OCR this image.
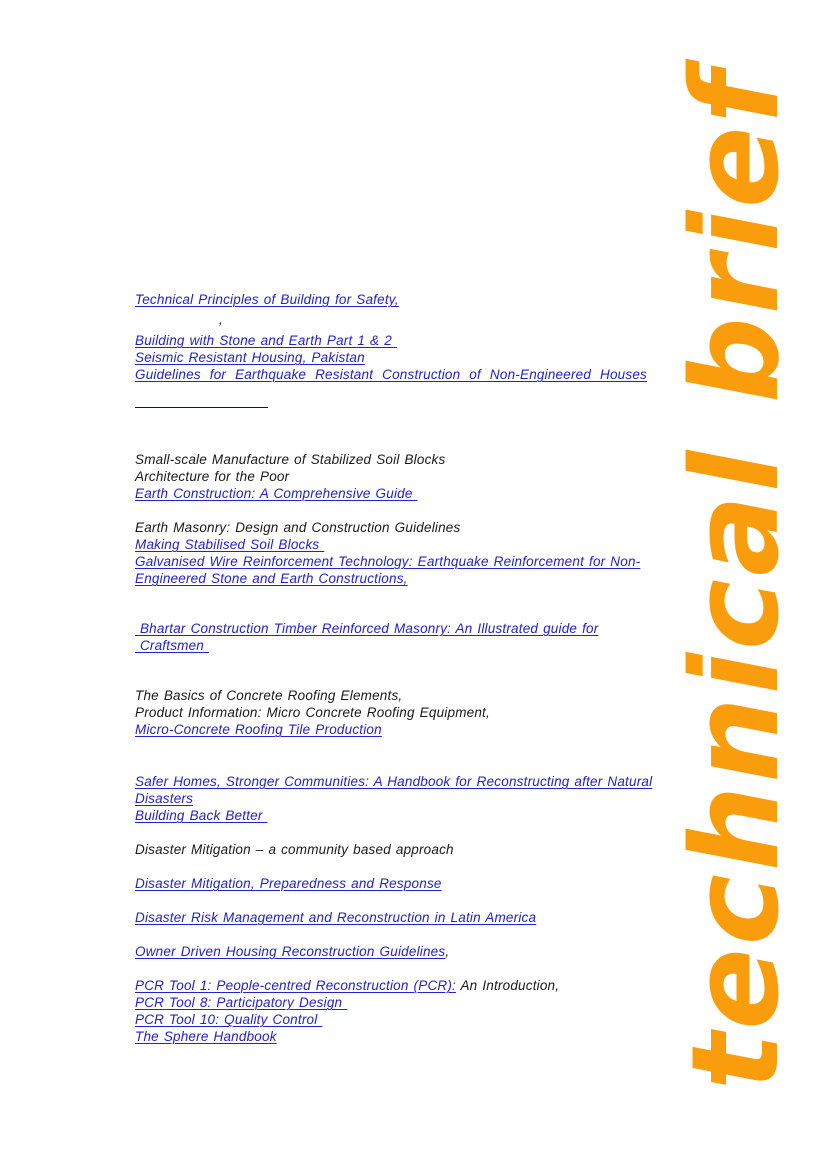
Technical Principles of Building for Safety,
,
Building with Stone and Earth Part 1 & 2
Seismic Resistant Housing, Pakistan
Guidelines for Earthquake Resistant Construction of Non-Engineered Houses
Small-scale Manufacture of Stabilized Soil Blocks
Architecture for the Poor
Earth Construction: A Comprehensive Guide
Earth Masonry: Design and Construction Guidelines
Making Stabilised Soil Blocks
Galvanised Wire Reinforcement Technology: Earthquake Reinforcement for Non-
Engineered Stone and Earth Constructions,
Bhartar Construction Timber Reinforced Masonry: An Illustrated guide for
Craftsmen
The Basics of Concrete Roofing Elements,
Product Information: Micro Concrete Roofing Equipment,
Micro-Concrete Roofing Tile Production
Safer Homes, Stronger Communities: A Handbook for Reconstructing after Natural
Disasters
Building Back Better
Disaster Mitigation – a community based approach
Disaster Mitigation, Preparedness and Response
Disaster Risk Management and Reconstruction in Latin America
Owner Driven Housing Reconstruction Guidelines,
PCR Tool 1: People-centred Reconstruction (PCR): An Introduction,
PCR Tool 8: Participatory Design
PCR Tool 10: Quality Control
The Sphere Handbook	technical brief
